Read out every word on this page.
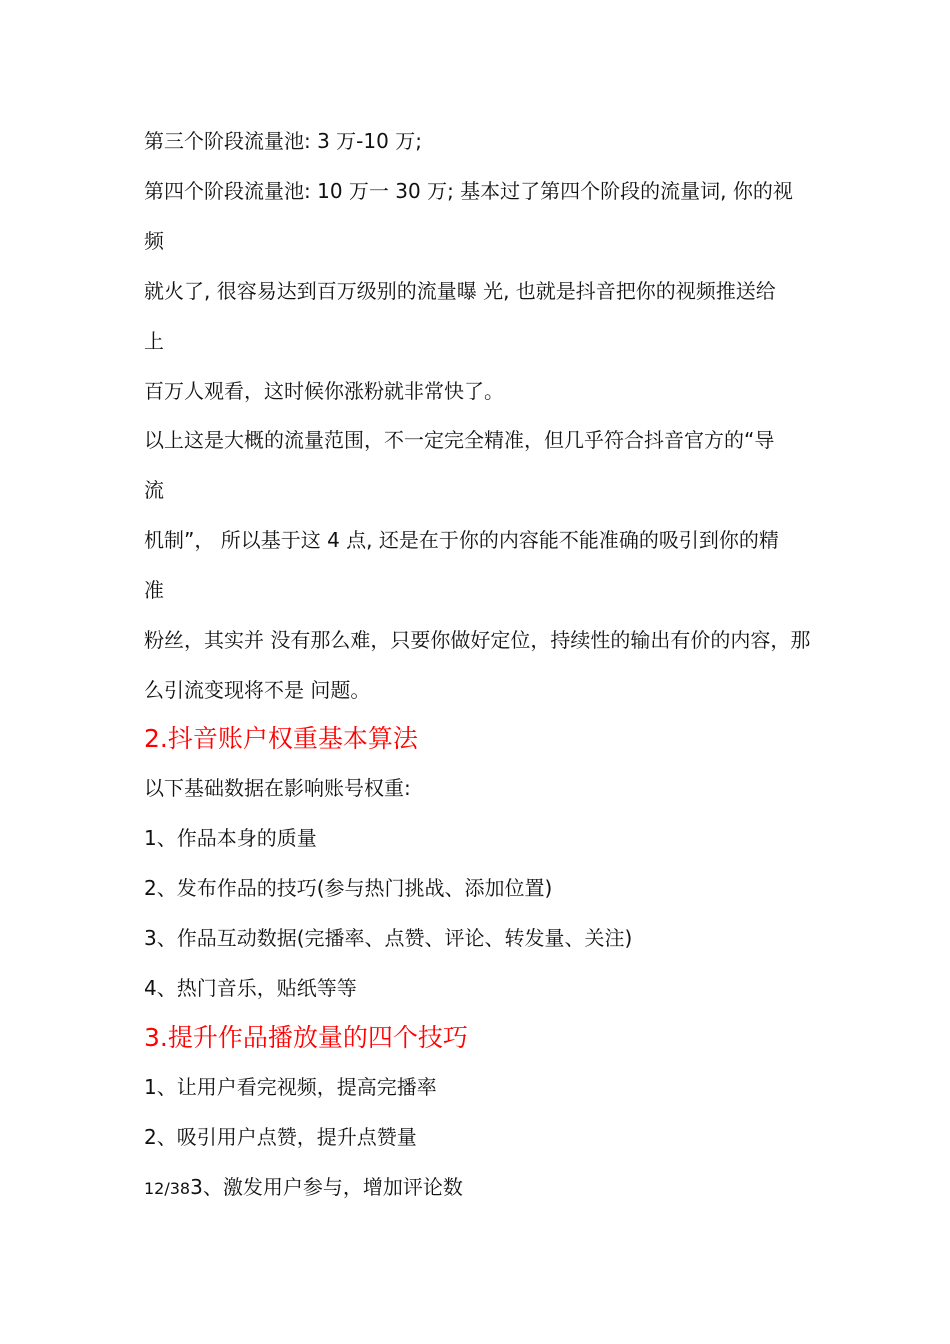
第三个阶段流量池: 3 万-10 万;
第四个阶段流量池: 10 万一 30 万; 基本过了第四个阶段的流量词, 你的视
频
就火了, 很容易达到百万级别的流量曝 光, 也就是抖音把你的视频推送给
上
百万人观看，这时候你涨粉就非常快了。
以上这是大概的流量范围，不一定完全精准，但几乎符合抖音官方的“导
流
机制”， 所以基于这 4 点, 还是在于你的内容能不能准确的吸引到你的精
准
粉丝，其实并 没有那么难，只要你做好定位，持续性的输出有价的内容，那
么引流变现将不是 问题。
2.抖音账户权重基本算法
以下基础数据在影响账号权重:
1、作品本身的质量
2、发布作品的技巧(参与热门挑战、添加位置)
3、作品互动数据(完播率、点赞、评论、转发量、关注)
4、热门音乐，贴纸等等
3.提升作品播放量的四个技巧
1、让用户看完视频，提高完播率
2、吸引用户点赞，提升点赞量
12/383、激发用户参与，增加评论数
